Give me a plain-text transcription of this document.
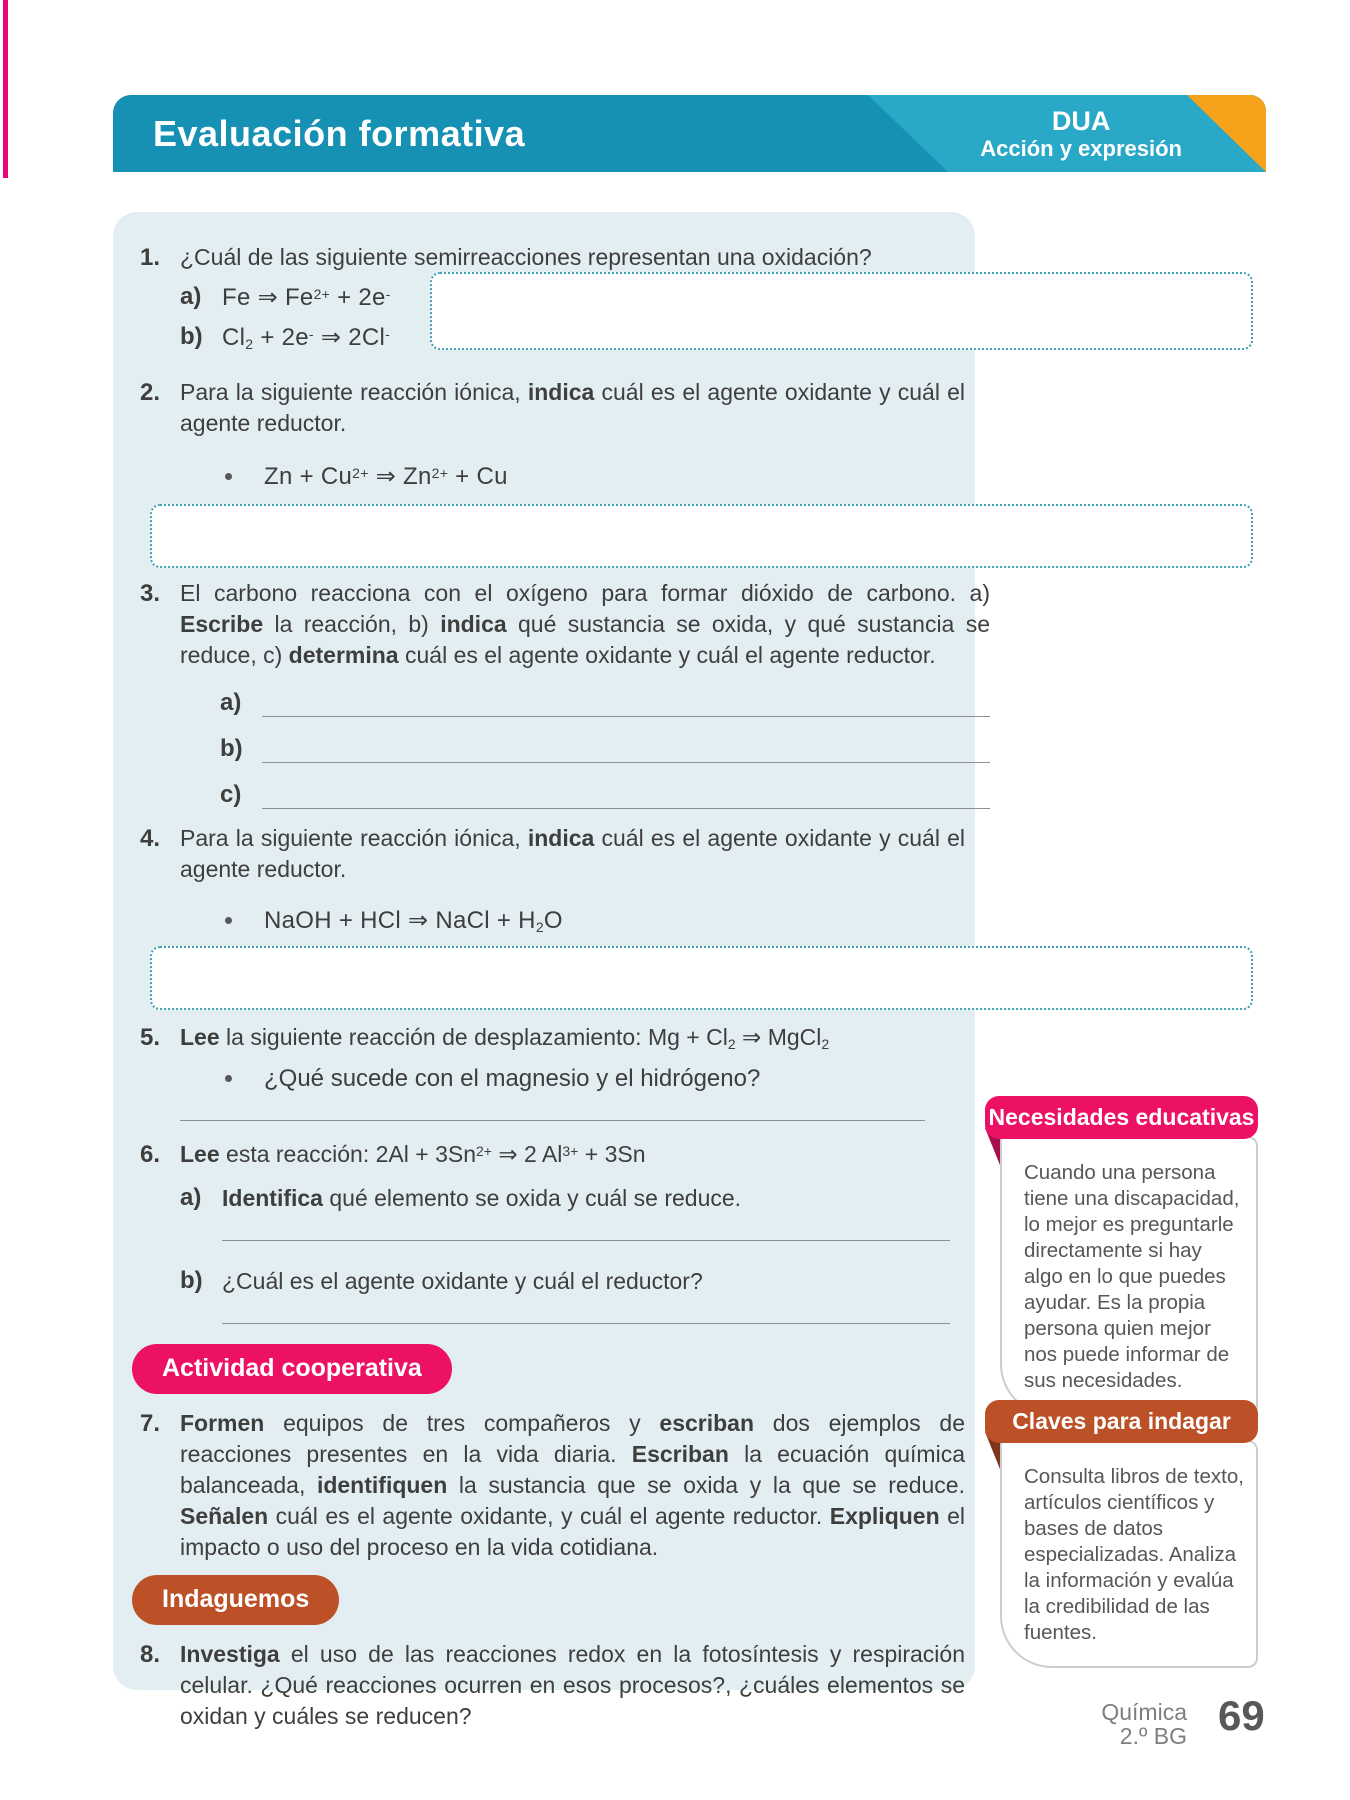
Evaluación formativa	DUA
Acción y expresión
1. ¿Cuál de las siguiente semirreacciones representan una oxidación?
a) Fe ⇒ $Fe^{2+} + 2e^-$
b) $Cl_2 + 2e^-$ ⇒ 2Cl-
2. Para la siguiente reacción iónica, indica cuál es el agente oxidante y cuál el agente reductor.
$Zn + Cu^{2+}$ ⇒ $Zn^{2+} + Cu$
3. El carbono reacciona con el oxígeno para formar dióxido de carbono. a) Escribe la reacción, b) indica qué sustancia se oxida, y qué sustancia se reduce, c) determina cuál es el agente oxidante y cuál el agente reductor.
a)
b)
c)
4. Para la siguiente reacción iónica, indica cuál es el agente oxidante y cuál el agente reductor.
NaOH + HCl ⇒ NaCl + $H_2O$
5. Lee la siguiente reacción de desplazamiento: $Mg + Cl_2$ ⇒ MgCl$_2$
¿Qué sucede con el magnesio y el hidrógeno?
6. Lee esta reacción: $2Al + 3Sn^{2+}$ ⇒ 2 $Al^{3+} + 3Sn$
a) Identifica qué elemento se oxida y cuál se reduce.
b) ¿Cuál es el agente oxidante y cuál el reductor?
Actividad cooperativa
7. Formen equipos de tres compañeros y escriban dos ejemplos de reacciones presentes en la vida diaria. Escriban la ecuación química balanceada, identifiquen la sustancia que se oxida y la que se reduce. Señalen cuál es el agente oxidante, y cuál el agente reductor. Expliquen el impacto o uso del proceso en la vida cotidiana.
Indaguemos
8. Investiga el uso de las reacciones redox en la fotosíntesis y respiración celular. ¿Qué reacciones ocurren en esos procesos?, ¿cuáles elementos se oxidan y cuáles se reducen?
Necesidades educativas
Cuando una persona tiene una discapacidad, lo mejor es preguntarle directamente si hay algo en lo que puedes ayudar. Es la propia persona quien mejor nos puede informar de sus necesidades.
Claves para indagar
Consulta libros de texto, artículos científicos y bases de datos especializadas. Analiza la información y evalúa la credibilidad de las fuentes.
Química
2.º BG 69
